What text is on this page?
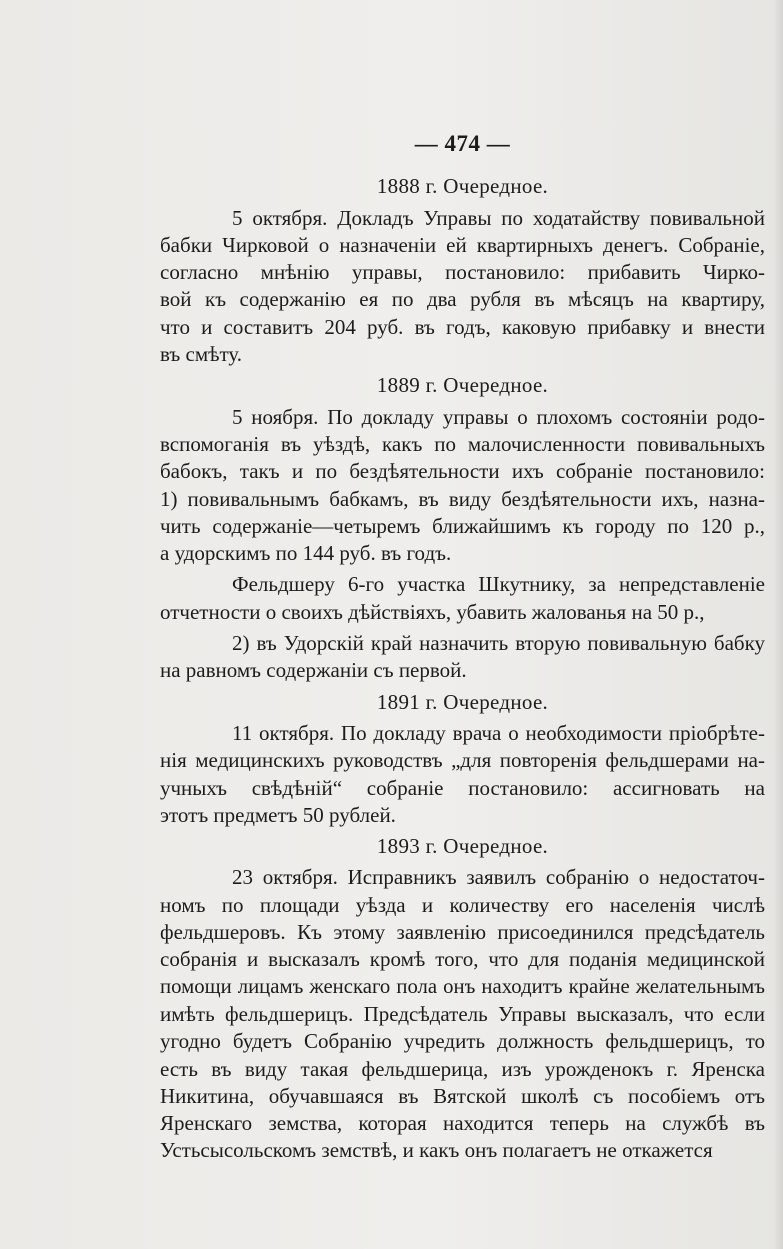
— 474 —
1888 г. Очередное.
5 октября. Докладъ Управы по ходатайству повивальной
бабки Чирковой о назначеніи ей квартирныхъ денегъ. Собраніе,
согласно мнѣнію управы, постановило: прибавить Чирко-
вой къ содержанію ея по два рубля въ мѣсяцъ на квартиру,
что и составитъ 204 руб. въ годъ, каковую прибавку и внести
въ смѣту.
1889 г. Очередное.
5 ноября. По докладу управы о плохомъ состояніи родо-
вспомоганія въ уѣздѣ, какъ по малочисленности повивальныхъ
бабокъ, такъ и по бездѣятельности ихъ собраніе постановило:
1) повивальнымъ бабкамъ, въ виду бездѣятельности ихъ, назна-
чить содержаніе—четыремъ ближайшимъ къ городу по 120 р.,
а удорскимъ по 144 руб. въ годъ.
Фельдшеру 6-го участка Шкутнику, за непредставленіе
отчетности о своихъ дѣйствіяхъ, убавить жалованья на 50 р.,
2) въ Удорскій край назначить вторую повивальную бабку
на равномъ содержаніи съ первой.
1891 г. Очередное.
11 октября. По докладу врача о необходимости пріобрѣте-
нія медицинскихъ руководствъ „для повторенія фельдшерами на-
учныхъ свѣдѣній“ собраніе постановило: ассигновать на
этотъ предметъ 50 рублей.
1893 г. Очередное.
23 октября. Исправникъ заявилъ собранію о недостаточ-
номъ по площади уѣзда и количеству его населенія числѣ
фельдшеровъ. Къ этому заявленію присоединился предсѣдатель
собранія и высказалъ кромѣ того, что для поданія медицинской
помощи лицамъ женскаго пола онъ находитъ крайне желательнымъ
имѣть фельдшерицъ. Предсѣдатель Управы высказалъ, что если
угодно будетъ Собранію учредить должность фельдшерицъ, то
есть въ виду такая фельдшерица, изъ урожденокъ г. Яренска
Никитина, обучавшаяся въ Вятской школѣ съ пособіемъ отъ
Яренскаго земства, которая находится теперь на службѣ въ
Устьсысольскомъ земствѣ, и какъ онъ полагаетъ не откажется
